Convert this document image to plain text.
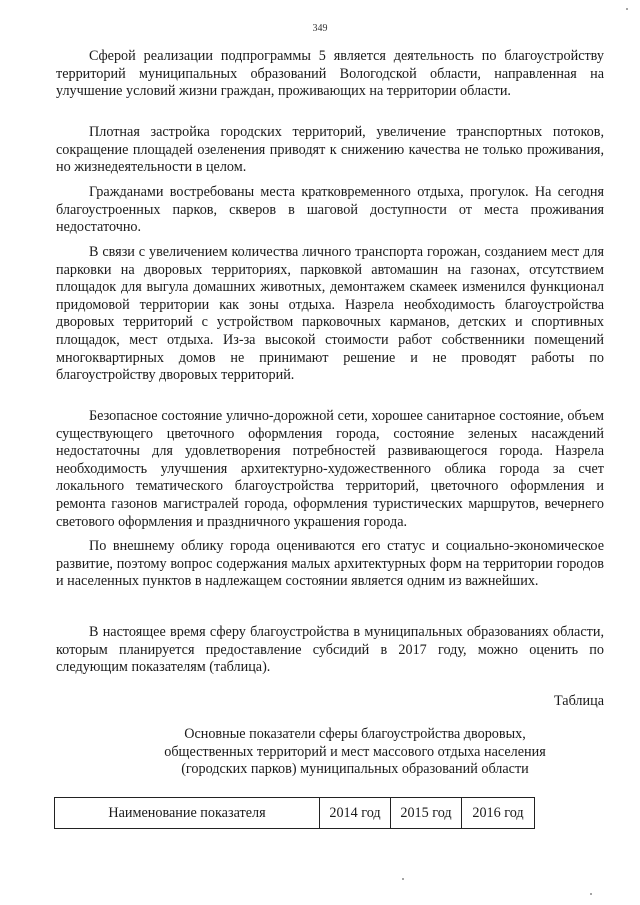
349

Сферой реализации подпрограммы 5 является деятельность по благоустройству территорий муниципальных образований Вологодской области, направленная на улучшение условий жизни граждан, проживающих на территории области.

Плотная застройка городских территорий, увеличение транспортных потоков, сокращение площадей озеленения приводят к снижению качества не только проживания, но жизнедеятельности в целом.

Гражданами востребованы места кратковременного отдыха, прогулок. На сегодня благоустроенных парков, скверов в шаговой доступности от места проживания недостаточно.

В связи с увеличением количества личного транспорта горожан, созданием мест для парковки на дворовых территориях, парковкой автомашин на газонах, отсутствием площадок для выгула домашних животных, демонтажем скамеек изменился функционал придомовой территории как зоны отдыха. Назрела необходимость благоустройства дворовых территорий с устройством парковочных карманов, детских и спортивных площадок, мест отдыха. Из-за высокой стоимости работ собственники помещений многоквартирных домов не принимают решение и не проводят работы по благоустройству дворовых территорий.

Безопасное состояние улично-дорожной сети, хорошее санитарное состояние, объем существующего цветочного оформления города, состояние зеленых насаждений недостаточны для удовлетворения потребностей развивающегося города. Назрела необходимость улучшения архитектурно-художественного облика города за счет локального тематического благоустройства территорий, цветочного оформления и ремонта газонов магистралей города, оформления туристических маршрутов, вечернего светового оформления и праздничного украшения города.

По внешнему облику города оцениваются его статус и социально-экономическое развитие, поэтому вопрос содержания малых архитектурных форм на территории городов и населенных пунктов в надлежащем состоянии является одним из важнейших.

В настоящее время сферу благоустройства в муниципальных образованиях области, которым планируется предоставление субсидий в 2017 году, можно оценить по следующим показателям (таблица).

Таблица
Основные показатели сферы благоустройства дворовых,
общественных территорий и мест массового отдыха населения
(городских парков) муниципальных образований области
Наименование показателя	2014 год	2015 год	2016 год
